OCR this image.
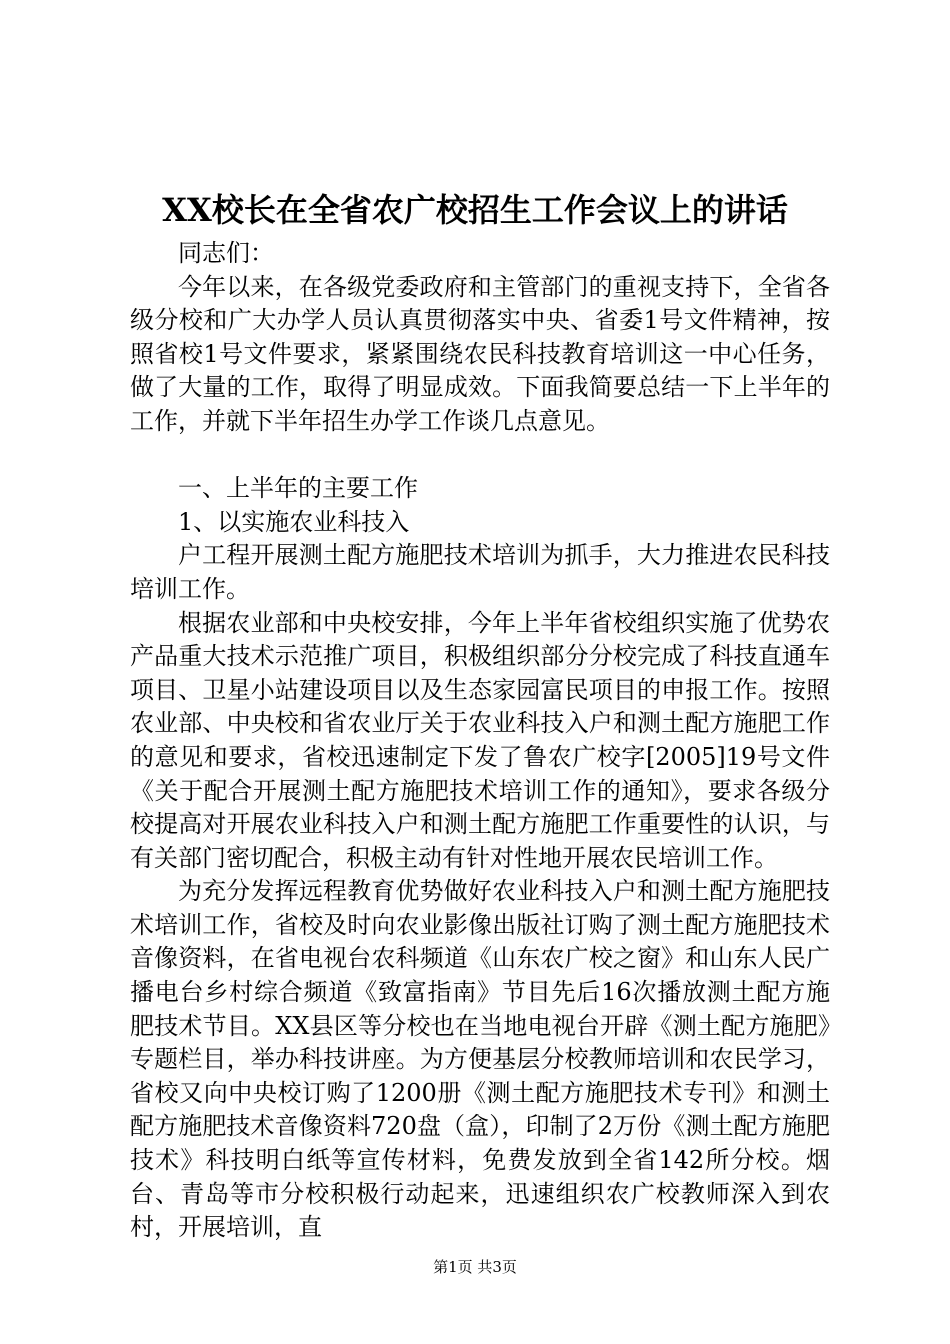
XX校长在全省农广校招生工作会议上的讲话

同志们：

今年以来，在各级党委政府和主管部门的重视支持下，全省各级分校和广大办学人员认真贯彻落实中央、省委1号文件精神，按照省校1号文件要求，紧紧围绕农民科技教育培训这一中心任务，做了大量的工作，取得了明显成效。下面我简要总结一下上半年的工作，并就下半年招生办学工作谈几点意见。

一、上半年的主要工作

1、以实施农业科技入

户工程开展测土配方施肥技术培训为抓手，大力推进农民科技培训工作。

根据农业部和中央校安排，今年上半年省校组织实施了优势农产品重大技术示范推广项目，积极组织部分分校完成了科技直通车项目、卫星小站建设项目以及生态家园富民项目的申报工作。按照农业部、中央校和省农业厅关于农业科技入户和测土配方施肥工作的意见和要求，省校迅速制定下发了鲁农广校字[2005]19号文件《关于配合开展测土配方施肥技术培训工作的通知》，要求各级分校提高对开展农业科技入户和测土配方施肥工作重要性的认识，与有关部门密切配合，积极主动有针对性地开展农民培训工作。

为充分发挥远程教育优势做好农业科技入户和测土配方施肥技术培训工作，省校及时向农业影像出版社订购了测土配方施肥技术音像资料，在省电视台农科频道《山东农广校之窗》和山东人民广播电台乡村综合频道《致富指南》节目先后16次播放测土配方施肥技术节目。XX县区等分校也在当地电视台开辟《测土配方施肥》专题栏目，举办科技讲座。为方便基层分校教师培训和农民学习，省校又向中央校订购了1200册《测土配方施肥技术专刊》和测土配方施肥技术音像资料720盘（盒），印制了2万份《测土配方施肥技术》科技明白纸等宣传材料，免费发放到全省142所分校。烟台、青岛等市分校积极行动起来，迅速组织农广校教师深入到农村，开展培训，直

第1页 共3页
